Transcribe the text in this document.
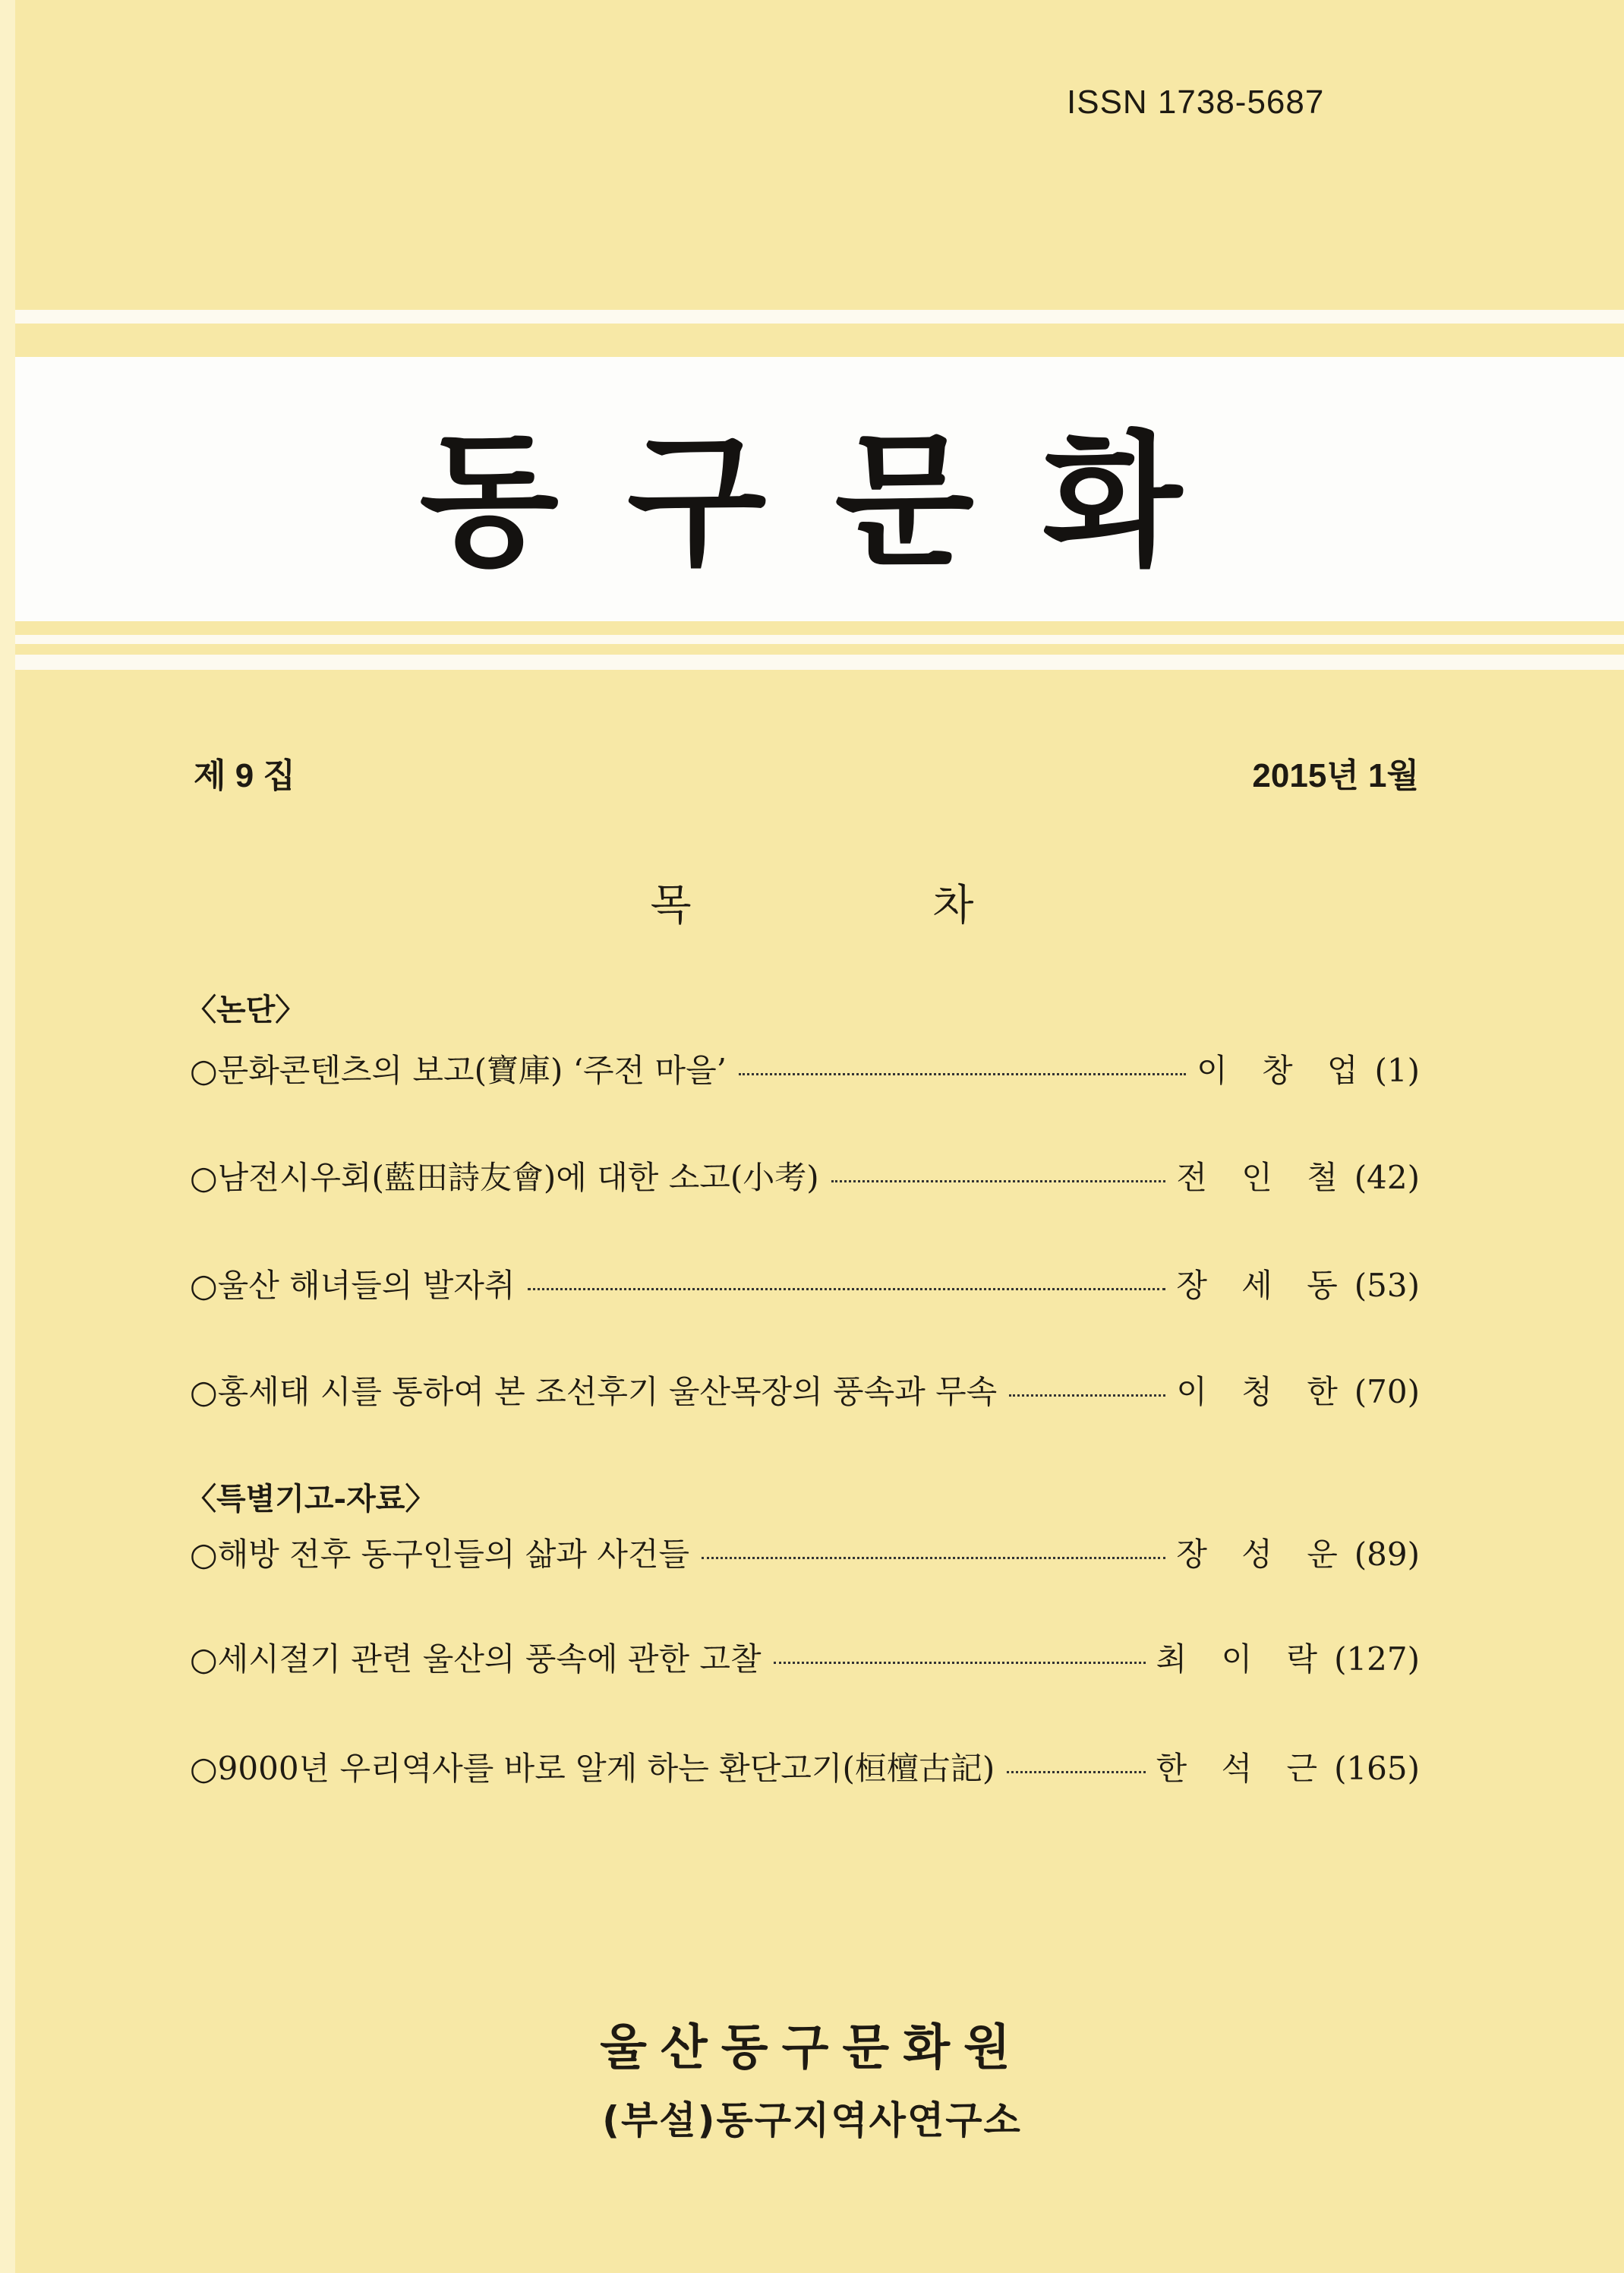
ISSN 1738-5687
동구문화
제 9 집	2015년 1월
목 차
〈논단〉
○문화콘텐츠의 보고(寶庫) ‘주전 마을’	이 창 업 (1)
○남전시우회(藍田詩友會)에 대한 소고(小考)	전 인 철 (42)
○울산 해녀들의 발자취	장 세 동 (53)
○홍세태 시를 통하여 본 조선후기 울산목장의 풍속과 무속	이 청 한 (70)
〈특별기고-자료〉
○해방 전후 동구인들의 삶과 사건들	장 성 운 (89)
○세시절기 관련 울산의 풍속에 관한 고찰	최 이 락 (127)
○9000년 우리역사를 바로 알게 하는 환단고기(桓檀古記)	한 석 근 (165)
울산동구문화원
(부설)동구지역사연구소
